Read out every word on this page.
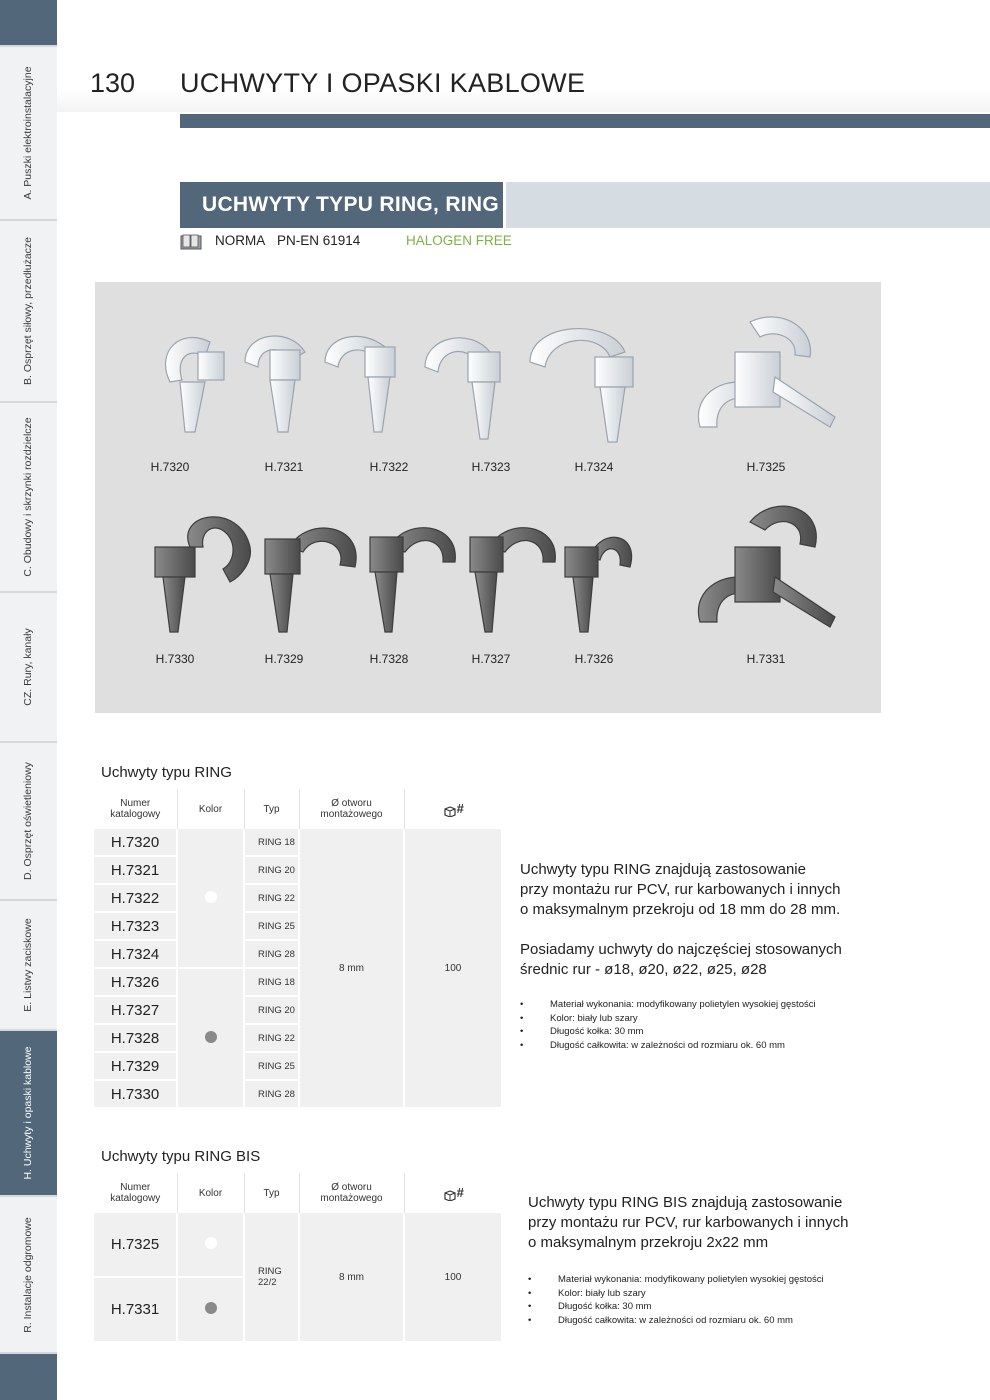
A. Puszki elektroinstalacyjne
B. Osprzęt siłowy, przedłużacze
C. Obudowy i skrzynki rozdzielcze
CZ. Rury, kanały
D. Osprzęt oświetleniowy
E. Listwy zaciskowe
H. Uchwyty i opaski kablowe
R. Instalacje odgromowe
130 UCHWYTY I OPASKI KABLOWE
UCHWYTY TYPU RING, RING BIS
NORMA PN-EN 61914	HALOGEN FREE
H.7320	H.7321	H.7322	H.7323	H.7324	H.7325
H.7330	H.7329	H.7328	H.7327	H.7326	H.7331
Uchwyty typu RING
Numer katalogowy	Kolor	Typ	Ø otworu montażowego	#
H.7320		RING 18	8 mm	100
H.7321		RING 20		
H.7322		RING 22		
H.7323		RING 25		
H.7324		RING 28		
H.7326		RING 18		
H.7327		RING 20		
H.7328		RING 22		
H.7329		RING 25		
H.7330		RING 28		
Uchwyty typu RING znajdują zastosowanie
przy montażu rur PCV, rur karbowanych i innych
o maksymalnym przekroju od 18 mm do 28 mm.
Posiadamy uchwyty do najczęściej stosowanych
średnic rur - ø18, ø20, ø22, ø25, ø28
• Materiał wykonania: modyfikowany polietylen wysokiej gęstości
• Kolor: biały lub szary
• Długość kołka: 30 mm
• Długość całkowita: w zależności od rozmiaru ok. 60 mm
Uchwyty typu RING BIS
Numer katalogowy	Kolor	Typ	Ø otworu montażowego	#
H.7325		RING 22/2	8 mm	100
H.7331				
Uchwyty typu RING BIS znajdują zastosowanie
przy montażu rur PCV, rur karbowanych i innych
o maksymalnym przekroju 2x22 mm
• Materiał wykonania: modyfikowany polietylen wysokiej gęstości
• Kolor: biały lub szary
• Długość kołka: 30 mm
• Długość całkowita: w zależności od rozmiaru ok. 60 mm
